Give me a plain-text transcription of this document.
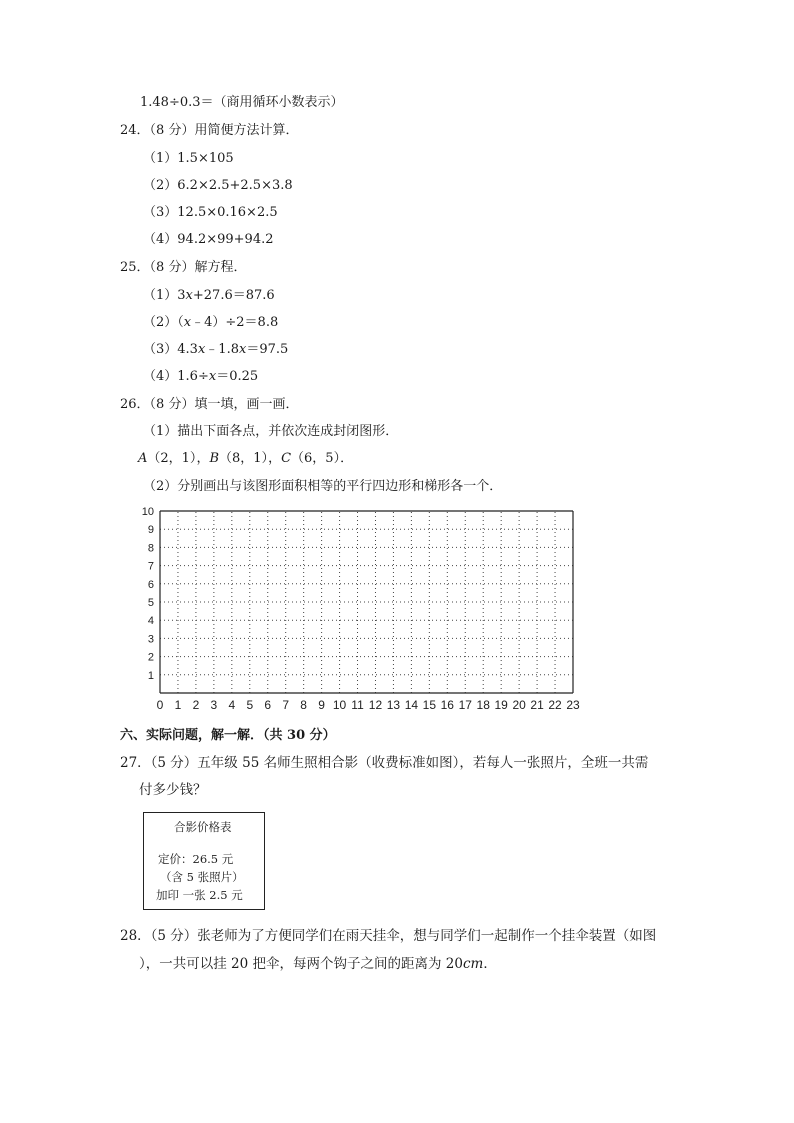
1.48÷0.3＝（商用循环小数表示）
24．（8 分）用简便方法计算．
（1）1.5×105
（2）6.2×2.5+2.5×3.8
（3）12.5×0.16×2.5
（4）94.2×99+94.2
25．（8 分）解方程．
（1）3x+27.6＝87.6
（2）（x﹣4）÷2＝8.8
（3）4.3x﹣1.8x＝97.5
（4）1.6÷x＝0.25
26．（8 分）填一填，画一画．
（1）描出下面各点，并依次连成封闭图形．
A（2，1），B（8，1），C（6，5）．
（2）分别画出与该图形面积相等的平行四边形和梯形各一个．
0 1 2 3 4 5 6 7 8 9 10 11 12 13 14 15 16 17 18 19 20 21 22 23
1
2
3
4
5
6
7
8
9
10
六、实际问题，解一解．（共 30 分）
27．（5 分）五年级 55 名师生照相合影（收费标准如图），若每人一张照片，全班一共需
付多少钱？
合影价格表
定价：26.5 元
（含 5 张照片）
加印 一张 2.5 元
28．（5 分）张老师为了方便同学们在雨天挂伞，想与同学们一起制作一个挂伞装置（如图
），一共可以挂 20 把伞，每两个钩子之间的距离为 20cm．
